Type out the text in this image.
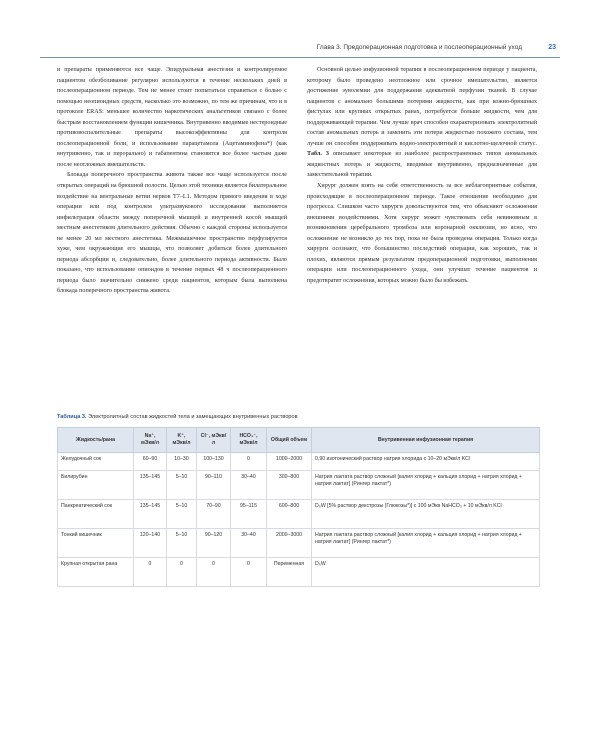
Глава 3. Предоперационная подготовка и послеоперационный уход	23

и препараты применяются все чаще. Эпидуральная анестезия и контролируемое пациентом обезболивание регулярно используются в течение нескольких дней в послеоперационном периоде. Тем не менее стоит попытаться справиться с болью с помощью неопиоидных средств, насколько это возможно, по тем же причинам, что и в протоколе ERAS: меньшее количество наркотических анальгетиков связано с более быстрым восстановлением функции кишечника. Внутривенно вводимые нестероидные противовоспалительные препараты высокоэффективны для контроля послеоперационной боли, и использование парацетамола (Ацетаминофена*) (как внутривенно, так и перорально) и габапентина становятся все более частым даже после неотложных вмешательств.

Блокада поперечного пространства живота также все чаще используется после открытых операций на брюшной полости. Целью этой техники является билатеральное воздействие на вентральные ветви нервов T7–L1. Методом прямого введения в ходе операции или под контролем ультразвукового исследования выполняется инфильтрация области между поперечной мышцей и внутренней косой мышцей местным анестетиком длительного действия. Обычно с каждой стороны используется не менее 20 мл местного анестетика. Межмышечное пространство перфузируется хуже, чем окружающие его мышцы, что позволяет добиться более длительного периода абсорбции и, следовательно, более длительного периода активности. Было показано, что использование опиоидов в течение первых 48 ч послеоперационного периода было значительно снижено среди пациентов, которым была выполнена блокада поперечного пространства живота.

Основной целью инфузионной терапии в послеоперационном периоде у пациента, которому было проведено неотложное или срочное вмешательство, является достижение эуволемии для поддержания адекватной перфузии тканей. В случае пациентов с аномально большими потерями жидкости, как при кожно-брюшных фистулах или крупных открытых ранах, потребуется больше жидкости, чем для поддерживающей терапии. Чем лучше врач способен охарактеризовать электролитный состав аномальных потерь и заменить эти потери жидкостью похожего состава, тем лучше он способен поддерживать водно-электролитный и кислотно-щелочной статус. Табл. 3 описывает некоторые из наиболее распространенных типов аномальных жидкостных потерь и жидкости, вводимые внутривенно, предназначенные для заместительной терапии.

Хирург должен взять на себя ответственность за все неблагоприятные события, происходящие в послеоперационном периоде. Такое отношение необходимо для прогресса. Слишком часто хирурги довольствуются тем, что объясняют осложнения внешними воздействиями. Хотя хирург может чувствовать себя невиновным в возникновении церебрального тромбоза или коронарной окклюзии, но ясно, что осложнение не возникло до тех пор, пока не была проведена операция. Только когда хирурги осознают, что большинство последствий операции, как хороших, так и плохих, являются прямым результатом предоперационной подготовки, выполнения операции или послеоперационного ухода, они улучшат течение пациентов и предотвратят осложнения, которых можно было бы избежать.

Таблица 3. Электролитный состав жидкостей тела и замещающих внутривенных растворов
Жидкость/рана	Na⁺, мЭкв/л	K⁺, мЭкв/л	Cl⁻, мЭкв/л	HCO₃⁻, мЭкв/л	Общий объем	Внутривенная инфузионная терапия
Желудочный сок	60–90	10–30	100–130	0	1000–2000	0,90 изотонический раствор натрия хлорида с 10–20 мЭкв/л KCl
Билирубин	135–145	5–10	90–110	30–40	300–800	Натрия лактата раствор сложный [калия хлорид + кальция хлорид + натрия хлорид + натрия лактат] (Рингер лактат*)
Панкреатический сок	135–145	5–10	70–90	95–115	600–800	D₅W [5% раствор декстрозы (Глюкозы*)] с 100 мЭкв NaHCO₃ + 10 мЭкв/л KCl
Тонкий кишечник	120–140	5–10	90–120	30–40	2000–3000	Натрия лактата раствор сложный [калия хлорид + кальция хлорид + натрия хлорид + натрия лактат] (Рингер лактат*)
Крупная открытая рана	0	0	0	0	Переменная	D₅W
